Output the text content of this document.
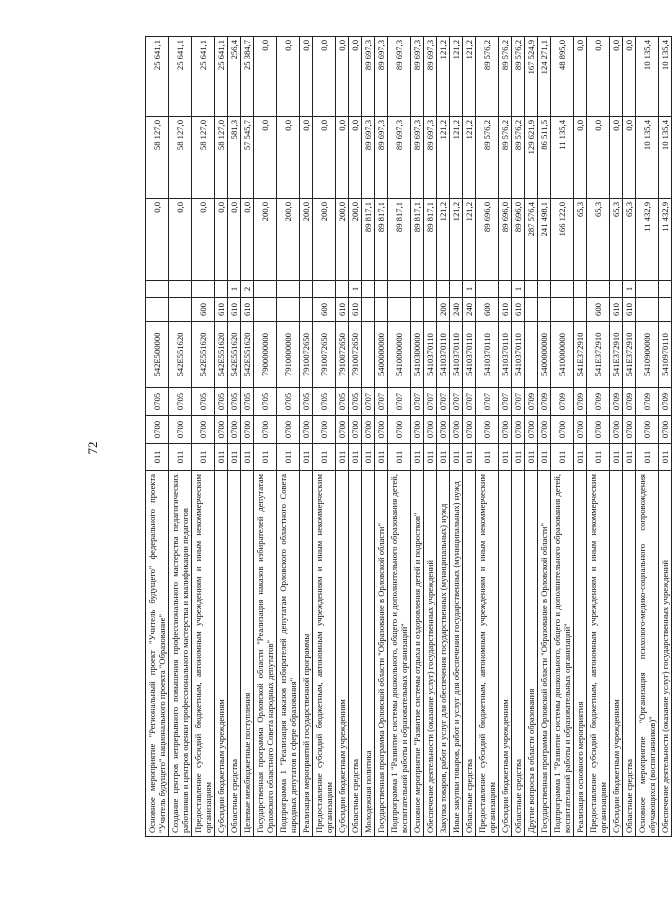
72
Основное мероприятие "Региональный проект "Учитель будущего" федерального проекта "Учитель будущего" национального проекта "Образование"	011	0700	0705	542E500000			0,0	58 127,0	25 641,1
Создание центров непрерывного повышения профессионального мастерства педагогических работников и центров оценки профессионального мастерства и квалификации педагогов	011	0700	0705	542E551620			0,0	58 127,0	25 641,1
Предоставление субсидий бюджетным, автономным учреждениям и иным некоммерческим организациям	011	0700	0705	542E551620	600		0,0	58 127,0	25 641,1
Субсидии бюджетным учреждениям	011	0700	0705	542E551620	610		0,0	58 127,0	25 641,1
Областные средства	011	0700	0705	542E551620	610	1	0,0	581,3	256,4
Целевые межбюджетные поступления	011	0700	0705	542E551620	610	2	0,0	57 545,7	25 384,7
Государственная программа Орловской области "Реализация наказов избирателей депутатам Орловского областного Совета народных депутатов"	011	0700	0705	7900000000			200,0	0,0	0,0
Подпрограмма 1 "Реализация наказов избирателей депутатам Орловского областного Совета народных депутатов в сфере образования"	011	0700	0705	7910000000			200,0	0,0	0,0
Реализация мероприятий государственной программы	011	0700	0705	7910072650			200,0	0,0	0,0
Предоставление субсидий бюджетным, автономным учреждениям и иным некоммерческим организациям	011	0700	0705	7910072650	600		200,0	0,0	0,0
Субсидии бюджетным учреждениям	011	0700	0705	7910072650	610		200,0	0,0	0,0
Областные средства	011	0700	0705	7910072650	610	1	200,0	0,0	0,0
Молодежная политика	011	0700	0707				89 817,1	89 697,3	89 697,3
Государственная программа Орловской области "Образование в Орловской области"	011	0700	0707	5400000000			89 817,1	89 697,3	89 697,3
Подпрограмма 1 "Развитие системы дошкольного, общего и дополнительного образования детей, воспитательной работы и образовательных организаций"	011	0700	0707	5410000000			89 817,1	89 697,3	89 697,3
Основное мероприятие "Развитие системы отдыха и оздоровления детей и подростков"	011	0700	0707	5410300000			89 817,1	89 697,3	89 697,3
Обеспечение деятельности (оказание услуг) государственных учреждений	011	0700	0707	5410370110			89 817,1	89 697,3	89 697,3
Закупка товаров, работ и услуг для обеспечения государственных (муниципальных) нужд	011	0700	0707	5410370110	200		121,2	121,2	121,2
Иные закупки товаров, работ и услуг для обеспечения государственных (муниципальных) нужд	011	0700	0707	5410370110	240		121,2	121,2	121,2
Областные средства	011	0700	0707	5410370110	240	1	121,2	121,2	121,2
Предоставление субсидий бюджетным, автономным учреждениям и иным некоммерческим организациям	011	0700	0707	5410370110	600		89 696,0	89 576,2	89 576,2
Субсидии бюджетным учреждениям	011	0700	0707	5410370110	610		89 696,0	89 576,2	89 576,2
Областные средства	011	0700	0707	5410370110	610	1	89 696,0	89 576,2	89 576,2
Другие вопросы в области образования	011	0700	0709				287 576,4	129 621,9	167 524,9
Государственная программа Орловской области "Образование в Орловской области"	011	0700	0709	5400000000			241 498,1	86 511,5	124 271,1
Подпрограмма 1 "Развитие системы дошкольного, общего и дополнительного образования детей, воспитательной работы и образовательных организаций"	011	0700	0709	5410000000			166 122,0	11 135,4	48 895,0
Реализация основного мероприятия	011	0700	0709	541E372910			65,3	0,0	0,0
Предоставление субсидий бюджетным, автономным учреждениям и иным некоммерческим организациям	011	0700	0709	541E372910	600		65,3	0,0	0,0
Субсидии бюджетным учреждениям	011	0700	0709	541E372910	610		65,3	0,0	0,0
Областные средства	011	0700	0709	541E372910	610	1	65,3	0,0	0,0
Основное мероприятие "Организация психолого-медико-социального сопровождения обучающихся (воспитанников)"	011	0700	0709	5410900000			11 432,9	10 135,4	10 135,4
Обеспечение деятельности (оказание услуг) государственных учреждений	011	0700	0709	5410970110			11 432,9	10 135,4	10 135,4
